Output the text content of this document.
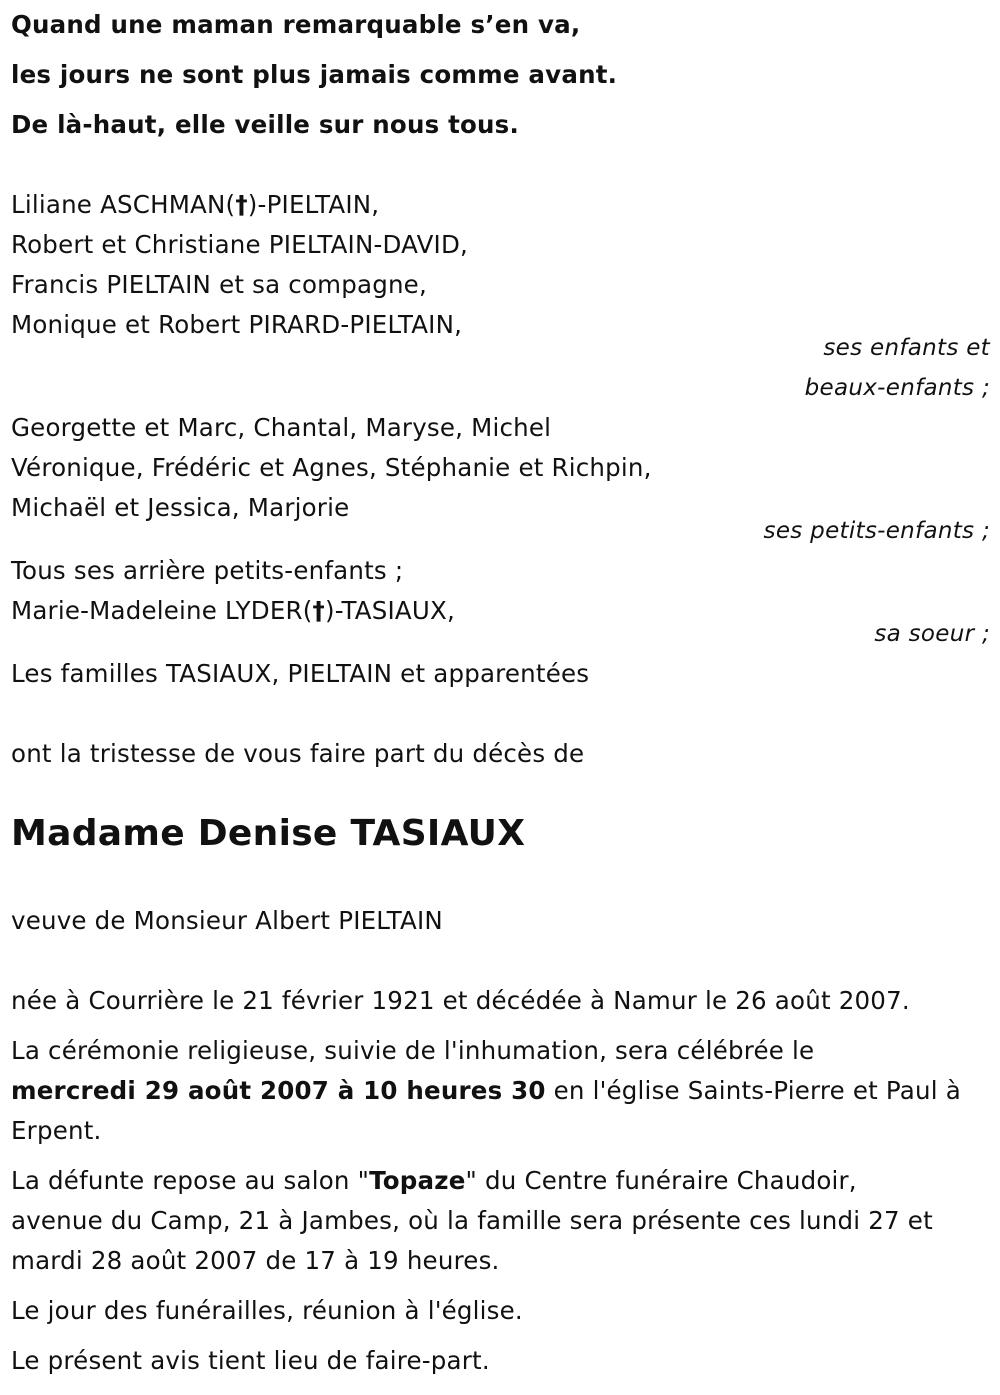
Quand une maman remarquable s’en va,
les jours ne sont plus jamais comme avant.
De là-haut, elle veille sur nous tous.
Liliane ASCHMAN(†)-PIELTAIN,
Robert et Christiane PIELTAIN-DAVID,
Francis PIELTAIN et sa compagne,
Monique et Robert PIRARD-PIELTAIN,
ses enfants et
beaux-enfants ;
Georgette et Marc, Chantal, Maryse, Michel
Véronique, Frédéric et Agnes, Stéphanie et Richpin,
Michaël et Jessica, Marjorie
ses petits-enfants ;
Tous ses arrière petits-enfants ;
Marie-Madeleine LYDER(†)-TASIAUX,
sa soeur ;
Les familles TASIAUX, PIELTAIN et apparentées
ont la tristesse de vous faire part du décès de
Madame Denise TASIAUX
veuve de Monsieur Albert PIELTAIN
née à Courrière le 21 février 1921 et décédée à Namur le 26 août 2007.
La cérémonie religieuse, suivie de l'inhumation, sera célébrée le
mercredi 29 août 2007 à 10 heures 30 en l'église Saints-Pierre et Paul à
Erpent.
La défunte repose au salon "Topaze" du Centre funéraire Chaudoir,
avenue du Camp, 21 à Jambes, où la famille sera présente ces lundi 27 et
mardi 28 août 2007 de 17 à 19 heures.
Le jour des funérailles, réunion à l'église.
Le présent avis tient lieu de faire-part.
